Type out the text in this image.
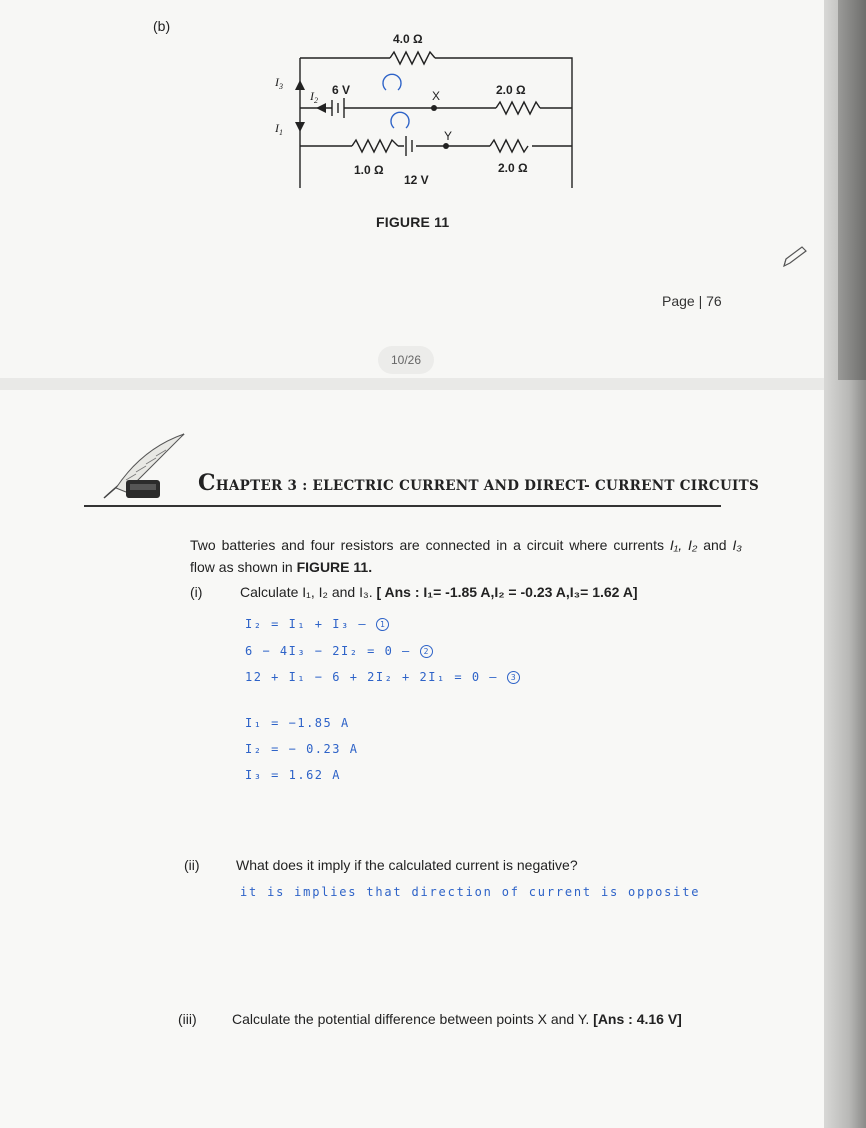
(b)
4.0 Ω
2.0 Ω
1.0 Ω	2.0 Ω
6 V
12 V
X
Y
$I_3$
$I_1$
$I_2$
FIGURE 11
Page | 76
10/26
CHAPTER 3 : ELECTRIC CURRENT AND DIRECT- CURRENT CIRCUITS
Two batteries and four resistors are connected in a circuit where currents I₁, I₂ and I₃
flow as shown in FIGURE 11.
(i)	Calculate I₁, I₂ and I₃. [ Ans : I₁= -1.85 A,I₂ = -0.23 A,I₃= 1.62 A]
I₂ = I₁ + I₃ — 1
6 − 4I₃ − 2I₂ = 0 — 2
12 + I₁ − 6 + 2I₂ + 2I₁ = 0 — 3
I₁ = −1.85 A
I₂ = − 0.23 A
I₃ = 1.62 A
(ii)	What does it imply if the calculated current is negative?
it is implies that direction of current is opposite
(iii)	Calculate the potential difference between points X and Y. [Ans : 4.16 V]
